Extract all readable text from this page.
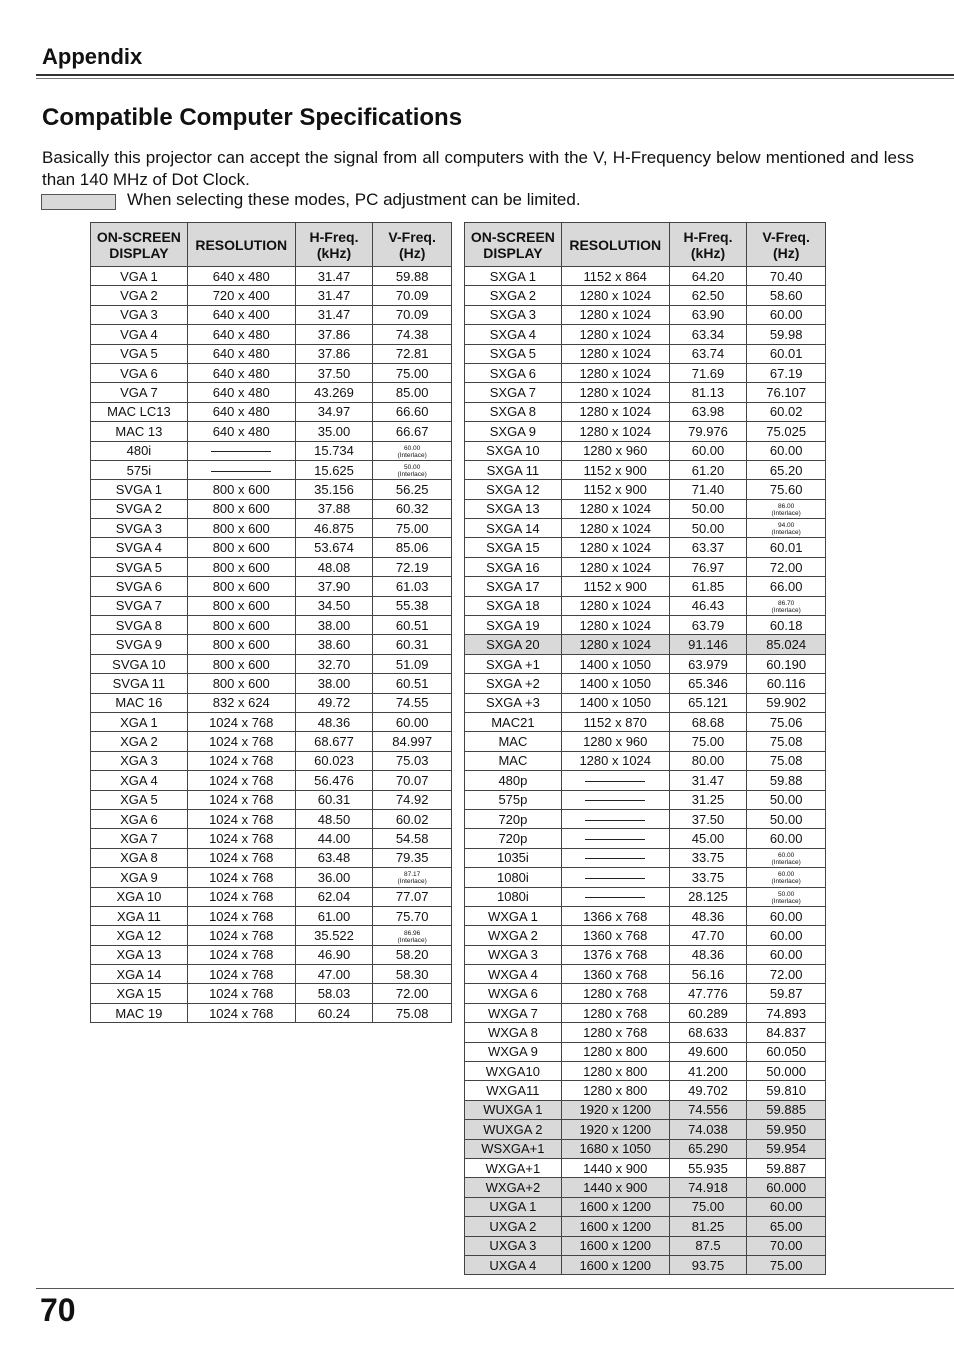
Appendix
Compatible Computer Specifications
Basically this projector can accept the signal from all computers with the V, H-Frequency below mentioned and less than 140 MHz of Dot Clock.
When selecting these modes, PC adjustment can be limited.
ON-SCREEN DISPLAY	RESOLUTION	H-Freq. (kHz)	V-Freq. (Hz)
VGA 1	640 x 480	31.47	59.88
VGA 2	720 x 400	31.47	70.09
VGA 3	640 x 400	31.47	70.09
VGA 4	640 x 480	37.86	74.38
VGA 5	640 x 480	37.86	72.81
VGA 6	640 x 480	37.50	75.00
VGA 7	640 x 480	43.269	85.00
MAC LC13	640 x 480	34.97	66.60
MAC 13	640 x 480	35.00	66.67
480i		15.734	60.00
(Interlace)
575i		15.625	50.00
(Interlace)
SVGA 1	800 x 600	35.156	56.25
SVGA 2	800 x 600	37.88	60.32
SVGA 3	800 x 600	46.875	75.00
SVGA 4	800 x 600	53.674	85.06
SVGA 5	800 x 600	48.08	72.19
SVGA 6	800 x 600	37.90	61.03
SVGA 7	800 x 600	34.50	55.38
SVGA 8	800 x 600	38.00	60.51
SVGA 9	800 x 600	38.60	60.31
SVGA 10	800 x 600	32.70	51.09
SVGA 11	800 x 600	38.00	60.51
MAC 16	832 x 624	49.72	74.55
XGA 1	1024 x 768	48.36	60.00
XGA 2	1024 x 768	68.677	84.997
XGA 3	1024 x 768	60.023	75.03
XGA 4	1024 x 768	56.476	70.07
XGA 5	1024 x 768	60.31	74.92
XGA 6	1024 x 768	48.50	60.02
XGA 7	1024 x 768	44.00	54.58
XGA 8	1024 x 768	63.48	79.35
XGA 9	1024 x 768	36.00	87.17
(Interlace)
XGA 10	1024 x 768	62.04	77.07
XGA 11	1024 x 768	61.00	75.70
XGA 12	1024 x 768	35.522	86.96
(Interlace)
XGA 13	1024 x 768	46.90	58.20
XGA 14	1024 x 768	47.00	58.30
XGA 15	1024 x 768	58.03	72.00
MAC 19	1024 x 768	60.24	75.08
ON-SCREEN DISPLAY	RESOLUTION	H-Freq. (kHz)	V-Freq. (Hz)
SXGA 1	1152 x 864	64.20	70.40
SXGA 2	1280 x 1024	62.50	58.60
SXGA 3	1280 x 1024	63.90	60.00
SXGA 4	1280 x 1024	63.34	59.98
SXGA 5	1280 x 1024	63.74	60.01
SXGA 6	1280 x 1024	71.69	67.19
SXGA 7	1280 x 1024	81.13	76.107
SXGA 8	1280 x 1024	63.98	60.02
SXGA 9	1280 x 1024	79.976	75.025
SXGA 10	1280 x 960	60.00	60.00
SXGA 11	1152 x 900	61.20	65.20
SXGA 12	1152 x 900	71.40	75.60
SXGA 13	1280 x 1024	50.00	86.00
(Interlace)
SXGA 14	1280 x 1024	50.00	94.00
(Interlace)
SXGA 15	1280 x 1024	63.37	60.01
SXGA 16	1280 x 1024	76.97	72.00
SXGA 17	1152 x 900	61.85	66.00
SXGA 18	1280 x 1024	46.43	86.70
(Interlace)
SXGA 19	1280 x 1024	63.79	60.18
SXGA 20	1280 x 1024	91.146	85.024
SXGA +1	1400 x 1050	63.979	60.190
SXGA +2	1400 x 1050	65.346	60.116
SXGA +3	1400 x 1050	65.121	59.902
MAC21	1152 x 870	68.68	75.06
MAC	1280 x 960	75.00	75.08
MAC	1280 x 1024	80.00	75.08
480p		31.47	59.88
575p		31.25	50.00
720p		37.50	50.00
720p		45.00	60.00
1035i		33.75	60.00
(Interlace)
1080i		33.75	60.00
(Interlace)
1080i		28.125	50.00
(Interlace)
WXGA 1	1366 x 768	48.36	60.00
WXGA 2	1360 x 768	47.70	60.00
WXGA 3	1376 x 768	48.36	60.00
WXGA 4	1360 x 768	56.16	72.00
WXGA 6	1280 x 768	47.776	59.87
WXGA 7	1280 x 768	60.289	74.893
WXGA 8	1280 x 768	68.633	84.837
WXGA 9	1280 x 800	49.600	60.050
WXGA10	1280 x 800	41.200	50.000
WXGA11	1280 x 800	49.702	59.810
WUXGA 1	1920 x 1200	74.556	59.885
WUXGA 2	1920 x 1200	74.038	59.950
WSXGA+1	1680 x 1050	65.290	59.954
WXGA+1	1440 x 900	55.935	59.887
WXGA+2	1440 x 900	74.918	60.000
UXGA 1	1600 x 1200	75.00	60.00
UXGA 2	1600 x 1200	81.25	65.00
UXGA 3	1600 x 1200	87.5	70.00
UXGA 4	1600 x 1200	93.75	75.00
70
